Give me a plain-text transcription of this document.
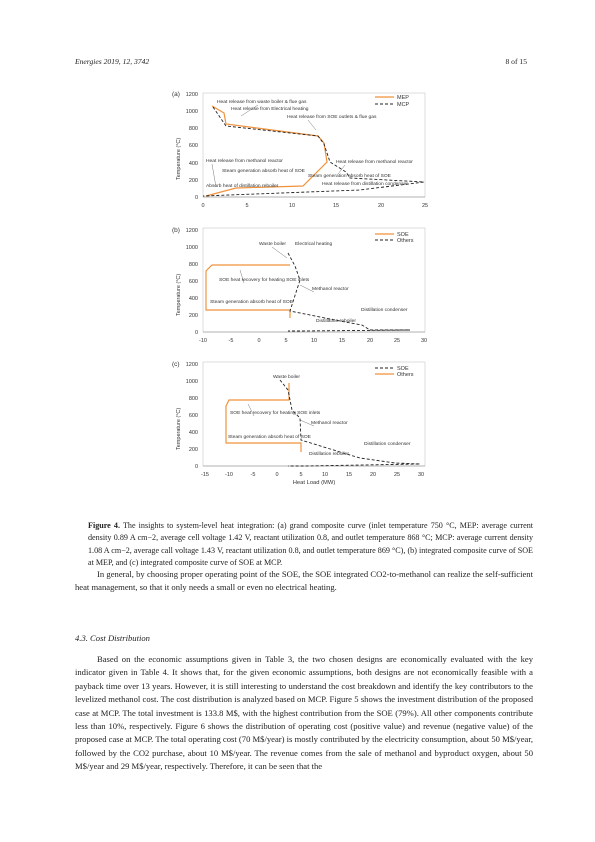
Energies 2019, 12, 3742	8 of 15
(a) 1200
1000
800
600
400
200
0
0	5	10	15	20	25
Temperature (°C)
MEP
MCP
Heat release from waste boiler & flue gas
Heat release from Electrical heating
Heat release from SOE outlets & flue gas
Heat release from methanol reactor
Steam generation absorb heat of SOE
Absorb heat of distillation reboiler
Heat release from methanol reactor
Steam generation absorb heat of SOE
Heat release from distillation condenser
(b) 1200
1000
800
600
400
200
0
-10	-5	0	5	10	15	20	25	30
Temperature (°C)
SOE
Others
Waste boiler Electrical heating
SOE heat recovery for heating SOE inlets
Methanol reactor
Steam generation absorb heat of SOE
Distillation condenser
Distillation reboiler
(c) 1200
1000
800
600
400
200
0
-15	-10	-5	0	5	10	15	20	25	30
Temperature (°C)
Heat Load (MW)
SOE
Others
Waste boiler
SOE heat recovery for heating SOE inlets
Methanol reactor
Steam generation absorb heat of SOE
Distillation condenser
Distillation reboiler
Figure 4. The insights to system-level heat integration: (a) grand composite curve (inlet temperature 750 °C, MEP: average current density 0.89 A cm−2, average cell voltage 1.42 V, reactant utilization 0.8, and outlet temperature 868 °C; MCP: average current density 1.08 A cm−2, average call voltage 1.43 V, reactant utilization 0.8, and outlet temperature 869 °C), (b) integrated composite curve of SOE at MEP, and (c) integrated composite curve of SOE at MCP.

In general, by choosing proper operating point of the SOE, the SOE integrated CO2-to-methanol can realize the self-sufficient heat management, so that it only needs a small or even no electrical heating.

4.3. Cost Distribution

Based on the economic assumptions given in Table 3, the two chosen designs are economically evaluated with the key indicator given in Table 4. It shows that, for the given economic assumptions, both designs are not economically feasible with a payback time over 13 years. However, it is still interesting to understand the cost breakdown and identify the key contributors to the levelized methanol cost. The cost distribution is analyzed based on MCP. Figure 5 shows the investment distribution of the proposed case at MCP. The total investment is 133.8 M$, with the highest contribution from the SOE (79%). All other components contribute less than 10%, respectively. Figure 6 shows the distribution of operating cost (positive value) and revenue (negative value) of the proposed case at MCP. The total operating cost (70 M$/year) is mostly contributed by the electricity consumption, about 50 M$/year, followed by the CO2 purchase, about 10 M$/year. The revenue comes from the sale of methanol and byproduct oxygen, about 50 M$/year and 29 M$/year, respectively. Therefore, it can be seen that the
